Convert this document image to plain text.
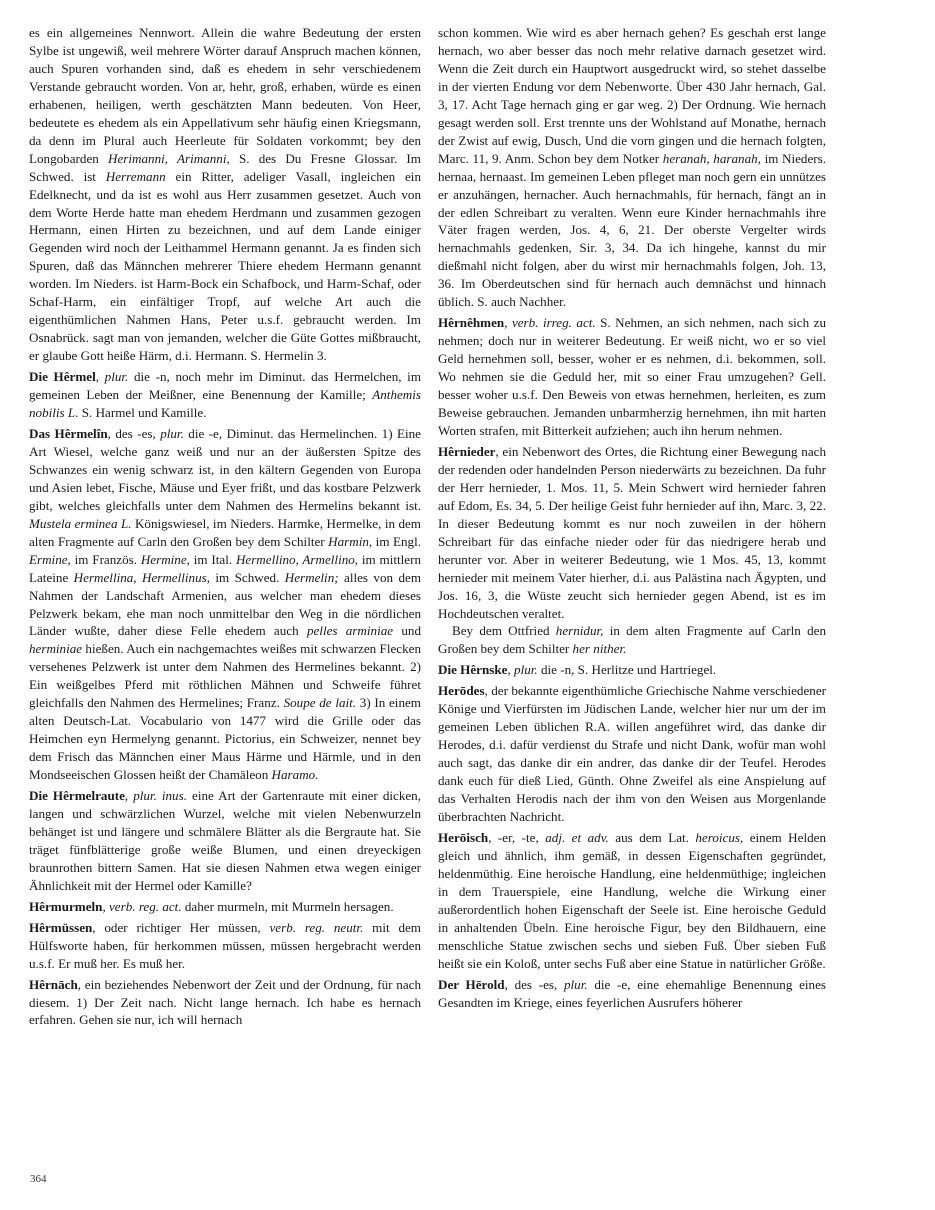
es ein allgemeines Nennwort. Allein die wahre Bedeutung der ersten Sylbe ist ungewiß, weil mehrere Wörter darauf Anspruch machen können, auch Spuren vorhanden sind, daß es ehedem in sehr verschiedenem Verstande gebraucht worden. Von ar, hehr, groß, erhaben, würde es einen erhabenen, heiligen, werth geschätzten Mann bedeuten. Von Heer, bedeutete es ehedem als ein Appellativum sehr häufig einen Kriegsmann, da denn im Plural auch Heerleute für Soldaten vorkommt; bey den Longobarden Herimanni, Arimanni, S. des Du Fresne Glossar. Im Schwed. ist Herremann ein Ritter, adeliger Vasall, ingleichen ein Edelknecht, und da ist es wohl aus Herr zusammen gesetzet. Auch von dem Worte Herde hatte man ehedem Herdmann und zusammen gezogen Hermann, einen Hirten zu bezeichnen, und auf dem Lande einiger Gegenden wird noch der Leithammel Hermann genannt. Ja es finden sich Spuren, daß das Männchen mehrerer Thiere ehedem Hermann genannt worden. Im Nieders. ist Harm-Bock ein Schafbock, und Harm-Schaf, oder Schaf-Harm, ein einfältiger Tropf, auf welche Art auch die eigenthümlichen Nahmen Hans, Peter u.s.f. gebraucht werden. Im Osnabrück. sagt man von jemanden, welcher die Güte Gottes mißbraucht, er glaube Gott heiße Härm, d.i. Hermann. S. Hermelin 3.

Die Hêrmel, plur. die -n, noch mehr im Diminut. das Hermelchen, im gemeinen Leben der Meißner, eine Benennung der Kamille; Anthemis nobilis L. S. Harmel und Kamille.

Das Hêrmelîn, des -es, plur. die -e, Diminut. das Hermelinchen. 1) Eine Art Wiesel, welche ganz weiß und nur an der äußersten Spitze des Schwanzes ein wenig schwarz ist, in den kältern Gegenden von Europa und Asien lebet, Fische, Mäuse und Eyer frißt, und das kostbare Pelzwerk gibt, welches gleichfalls unter dem Nahmen des Hermelins bekannt ist. Mustela erminea L. Königswiesel, im Nieders. Harmke, Hermelke, in dem alten Fragmente auf Carln den Großen bey dem Schilter Harmin, im Engl. Ermine, im Französ. Hermine, im Ital. Hermellino, Armellino, im mittlern Lateine Hermellina, Hermellinus, im Schwed. Hermelin; alles von dem Nahmen der Landschaft Armenien, aus welcher man ehedem dieses Pelzwerk bekam, ehe man noch unmittelbar den Weg in die nördlichen Länder wußte, daher diese Felle ehedem auch pelles arminiae und herminiae hießen. Auch ein nachgemachtes weißes mit schwarzen Flecken versehenes Pelzwerk ist unter dem Nahmen des Hermelines bekannt. 2) Ein weißgelbes Pferd mit röthlichen Mähnen und Schweife führet gleichfalls den Nahmen des Hermelines; Franz. Soupe de lait. 3) In einem alten Deutsch-Lat. Vocabulario von 1477 wird die Grille oder das Heimchen eyn Hermelyng genannt. Pictorius, ein Schweizer, nennet bey dem Frisch das Männchen einer Maus Härme und Härmle, und in den Mondseeischen Glossen heißt der Chamäleon Haramo.

Die Hêrmelraute, plur. inus. eine Art der Gartenraute mit einer dicken, langen und schwärzlichen Wurzel, welche mit vielen Nebenwurzeln behänget ist und längere und schmälere Blätter als die Bergraute hat. Sie träget fünfblätterige große weiße Blumen, und einen dreyeckigen braunrothen bittern Samen. Hat sie diesen Nahmen etwa wegen einiger Ähnlichkeit mit der Hermel oder Kamille?

Hêrmurmeln, verb. reg. act. daher murmeln, mit Murmeln hersagen.

Hêrmüssen, oder richtiger Her müssen, verb. reg. neutr. mit dem Hülfsworte haben, für herkommen müssen, müssen hergebracht werden u.s.f. Er muß her. Es muß her.

Hêrnāch, ein beziehendes Nebenwort der Zeit und der Ordnung, für nach diesem. 1) Der Zeit nach. Nicht lange hernach. Ich habe es hernach erfahren. Gehen sie nur, ich will hernach

schon kommen. Wie wird es aber hernach gehen? Es geschah erst lange hernach, wo aber besser das noch mehr relative darnach gesetzet wird. Wenn die Zeit durch ein Hauptwort ausgedruckt wird, so stehet dasselbe in der vierten Endung vor dem Nebenworte. Über 430 Jahr hernach, Gal. 3, 17. Acht Tage hernach ging er gar weg. 2) Der Ordnung. Wie hernach gesagt werden soll. Erst trennte uns der Wohlstand auf Monathe, hernach der Zwist auf ewig, Dusch, Und die vorn gingen und die hernach folgten, Marc. 11, 9. Anm. Schon bey dem Notker heranah, haranah, im Nieders. hernaa, hernaast. Im gemeinen Leben pfleget man noch gern ein unnützes er anzuhängen, hernacher. Auch hernachmahls, für hernach, fängt an in der edlen Schreibart zu veralten. Wenn eure Kinder hernachmahls ihre Väter fragen werden, Jos. 4, 6, 21. Der oberste Vergelter wirds hernachmahls gedenken, Sir. 3, 34. Da ich hingehe, kannst du mir dießmahl nicht folgen, aber du wirst mir hernachmahls folgen, Joh. 13, 36. Im Oberdeutschen sind für hernach auch demnächst und hinnach üblich. S. auch Nachher.

Hêrnêhmen, verb. irreg. act. S. Nehmen, an sich nehmen, nach sich zu nehmen; doch nur in weiterer Bedeutung. Er weiß nicht, wo er so viel Geld hernehmen soll, besser, woher er es nehmen, d.i. bekommen, soll. Wo nehmen sie die Geduld her, mit so einer Frau umzugehen? Gell. besser woher u.s.f. Den Beweis von etwas hernehmen, herleiten, es zum Beweise gebrauchen. Jemanden unbarmherzig hernehmen, ihn mit harten Worten strafen, mit Bitterkeit aufziehen; auch ihn herum nehmen.

Hêrnieder, ein Nebenwort des Ortes, die Richtung einer Bewegung nach der redenden oder handelnden Person niederwärts zu bezeichnen. Da fuhr der Herr hernieder, 1. Mos. 11, 5. Mein Schwert wird hernieder fahren auf Edom, Es. 34, 5. Der heilige Geist fuhr hernieder auf ihn, Marc. 3, 22. In dieser Bedeutung kommt es nur noch zuweilen in der höhern Schreibart für das einfache nieder oder für das niedrigere herab und herunter vor. Aber in weiterer Bedeutung, wie 1 Mos. 45, 13, kommt hernieder mit meinem Vater hierher, d.i. aus Palästina nach Ägypten, und Jos. 16, 3, die Wüste zeucht sich hernieder gegen Abend, ist es im Hochdeutschen veraltet.

Bey dem Ottfried hernidur, in dem alten Fragmente auf Carln den Großen bey dem Schilter her nither.

Die Hêrnske, plur. die -n, S. Herlitze und Hartriegel.

Herōdes, der bekannte eigenthümliche Griechische Nahme verschiedener Könige und Vierfürsten im Jüdischen Lande, welcher hier nur um der im gemeinen Leben üblichen R.A. willen angeführet wird, das danke dir Herodes, d.i. dafür verdienst du Strafe und nicht Dank, wofür man wohl auch sagt, das danke dir ein andrer, das danke dir der Teufel. Herodes dank euch für dieß Lied, Günth. Ohne Zweifel als eine Anspielung auf das Verhalten Herodis nach der ihm von den Weisen aus Morgenlande überbrachten Nachricht.

Herōisch, -er, -te, adj. et adv. aus dem Lat. heroicus, einem Helden gleich und ähnlich, ihm gemäß, in dessen Eigenschaften gegründet, heldenmüthig. Eine heroische Handlung, eine heldenmüthige; ingleichen in dem Trauerspiele, eine Handlung, welche die Wirkung einer außerordentlich hohen Eigenschaft der Seele ist. Eine heroische Geduld in anhaltenden Übeln. Eine heroische Figur, bey den Bildhauern, eine menschliche Statue zwischen sechs und sieben Fuß. Über sieben Fuß heißt sie ein Koloß, unter sechs Fuß aber eine Statue in natürlicher Größe.

Der Hērold, des -es, plur. die -e, eine ehemahlige Benennung eines Gesandten im Kriege, eines feyerlichen Ausrufers höherer

364
